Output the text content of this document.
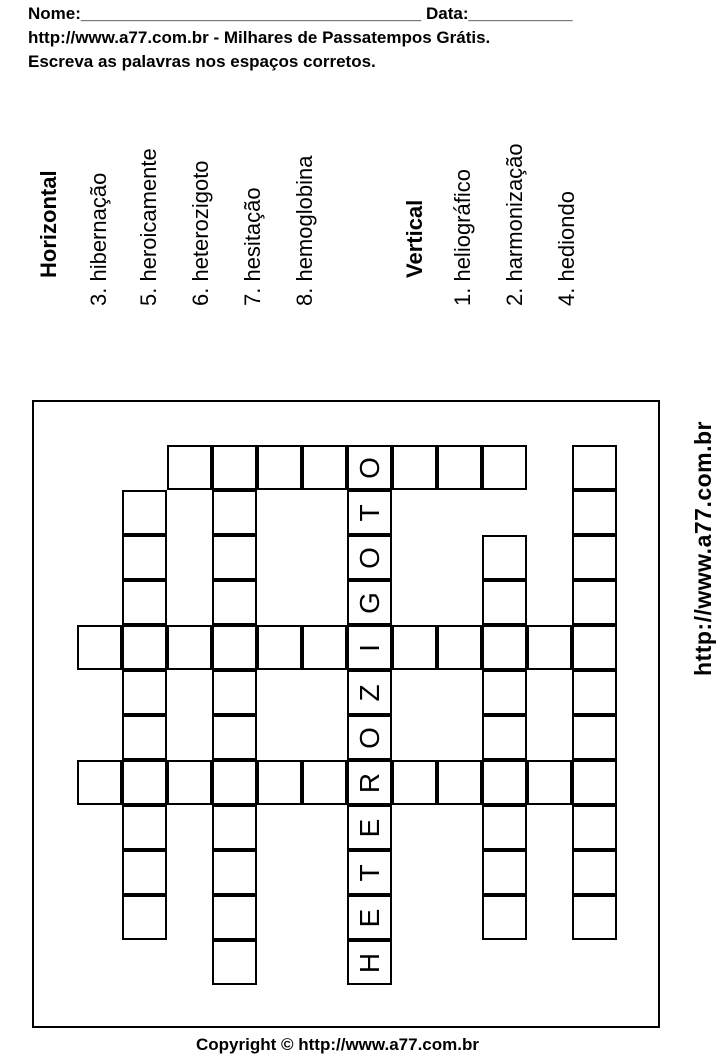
Nome:____________________________________ Data:___________
http://www.a77.com.br - Milhares de Passatempos Grátis.
Escreva as palavras nos espaços corretos.
Horizontal 3. hibernação 5. heroicamente 6. heterozigoto 7. hesitação 8. hemoglobina	Vertical 1. heliográfico 2. harmonização 4. hediondo
O
T
O
G
I
Z
O
R
E
T
E
H
http://www.a77.com.br
Copyright © http://www.a77.com.br
